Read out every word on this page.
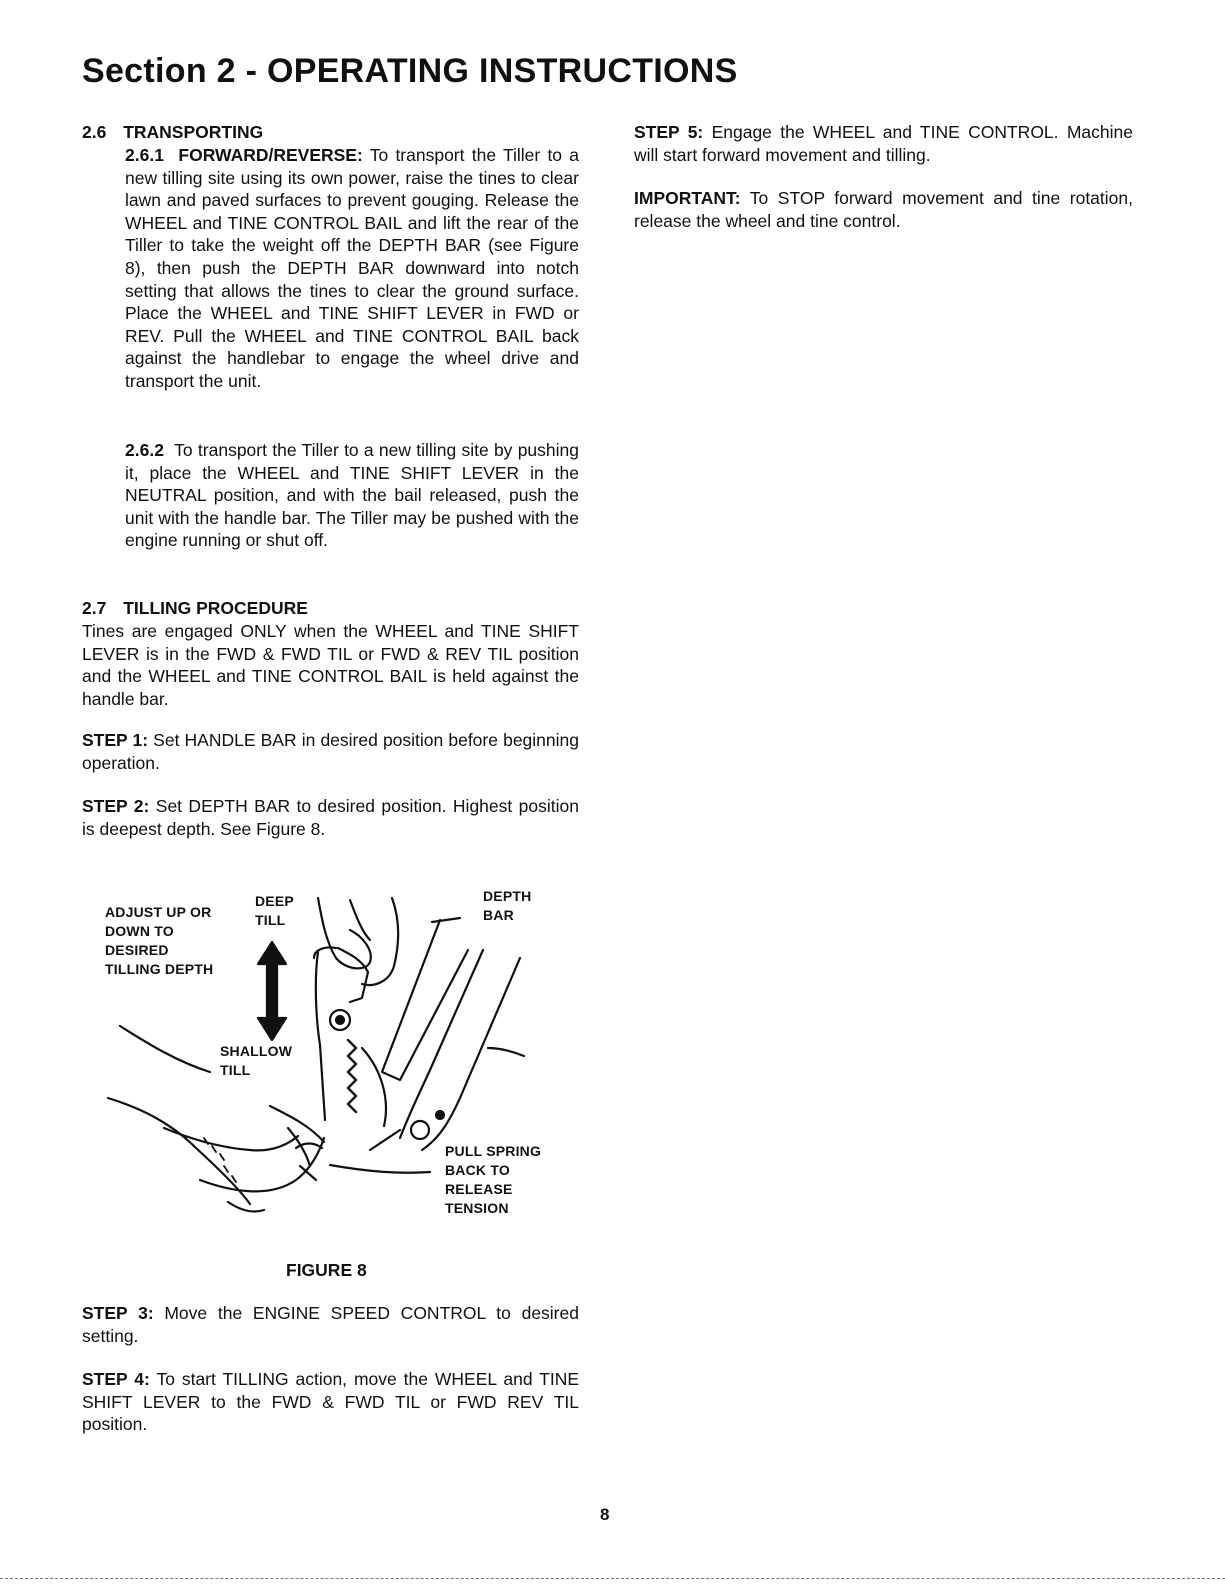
Section 2 - OPERATING INSTRUCTIONS
2.6 TRANSPORTING

2.6.1 FORWARD/REVERSE: To transport the Tiller to a new tilling site using its own power, raise the tines to clear lawn and paved surfaces to prevent gouging. Release the WHEEL and TINE CONTROL BAIL and lift the rear of the Tiller to take the weight off the DEPTH BAR (see Figure 8), then push the DEPTH BAR downward into notch setting that allows the tines to clear the ground surface. Place the WHEEL and TINE SHIFT LEVER in FWD or REV. Pull the WHEEL and TINE CONTROL BAIL back against the handlebar to engage the wheel drive and transport the unit.

2.6.2 To transport the Tiller to a new tilling site by pushing it, place the WHEEL and TINE SHIFT LEVER in the NEUTRAL position, and with the bail released, push the unit with the handle bar. The Tiller may be pushed with the engine running or shut off.

2.7 TILLING PROCEDURE

Tines are engaged ONLY when the WHEEL and TINE SHIFT LEVER is in the FWD & FWD TIL or FWD & REV TIL position and the WHEEL and TINE CONTROL BAIL is held against the handle bar.

STEP 1: Set HANDLE BAR in desired position before beginning operation.

STEP 2: Set DEPTH BAR to desired position. Highest position is deepest depth. See Figure 8.

ADJUST UP OR
DOWN TO
DESIRED
TILLING DEPTH
DEEP
TILL
SHALLOW
TILL
DEPTH
BAR
PULL SPRING
BACK TO
RELEASE
TENSION
FIGURE 8

STEP 3: Move the ENGINE SPEED CONTROL to desired setting.

STEP 4: To start TILLING action, move the WHEEL and TINE SHIFT LEVER to the FWD & FWD TIL or FWD REV TIL position.

STEP 5: Engage the WHEEL and TINE CONTROL. Machine will start forward movement and tilling.

IMPORTANT: To STOP forward movement and tine rotation, release the wheel and tine control.

8
